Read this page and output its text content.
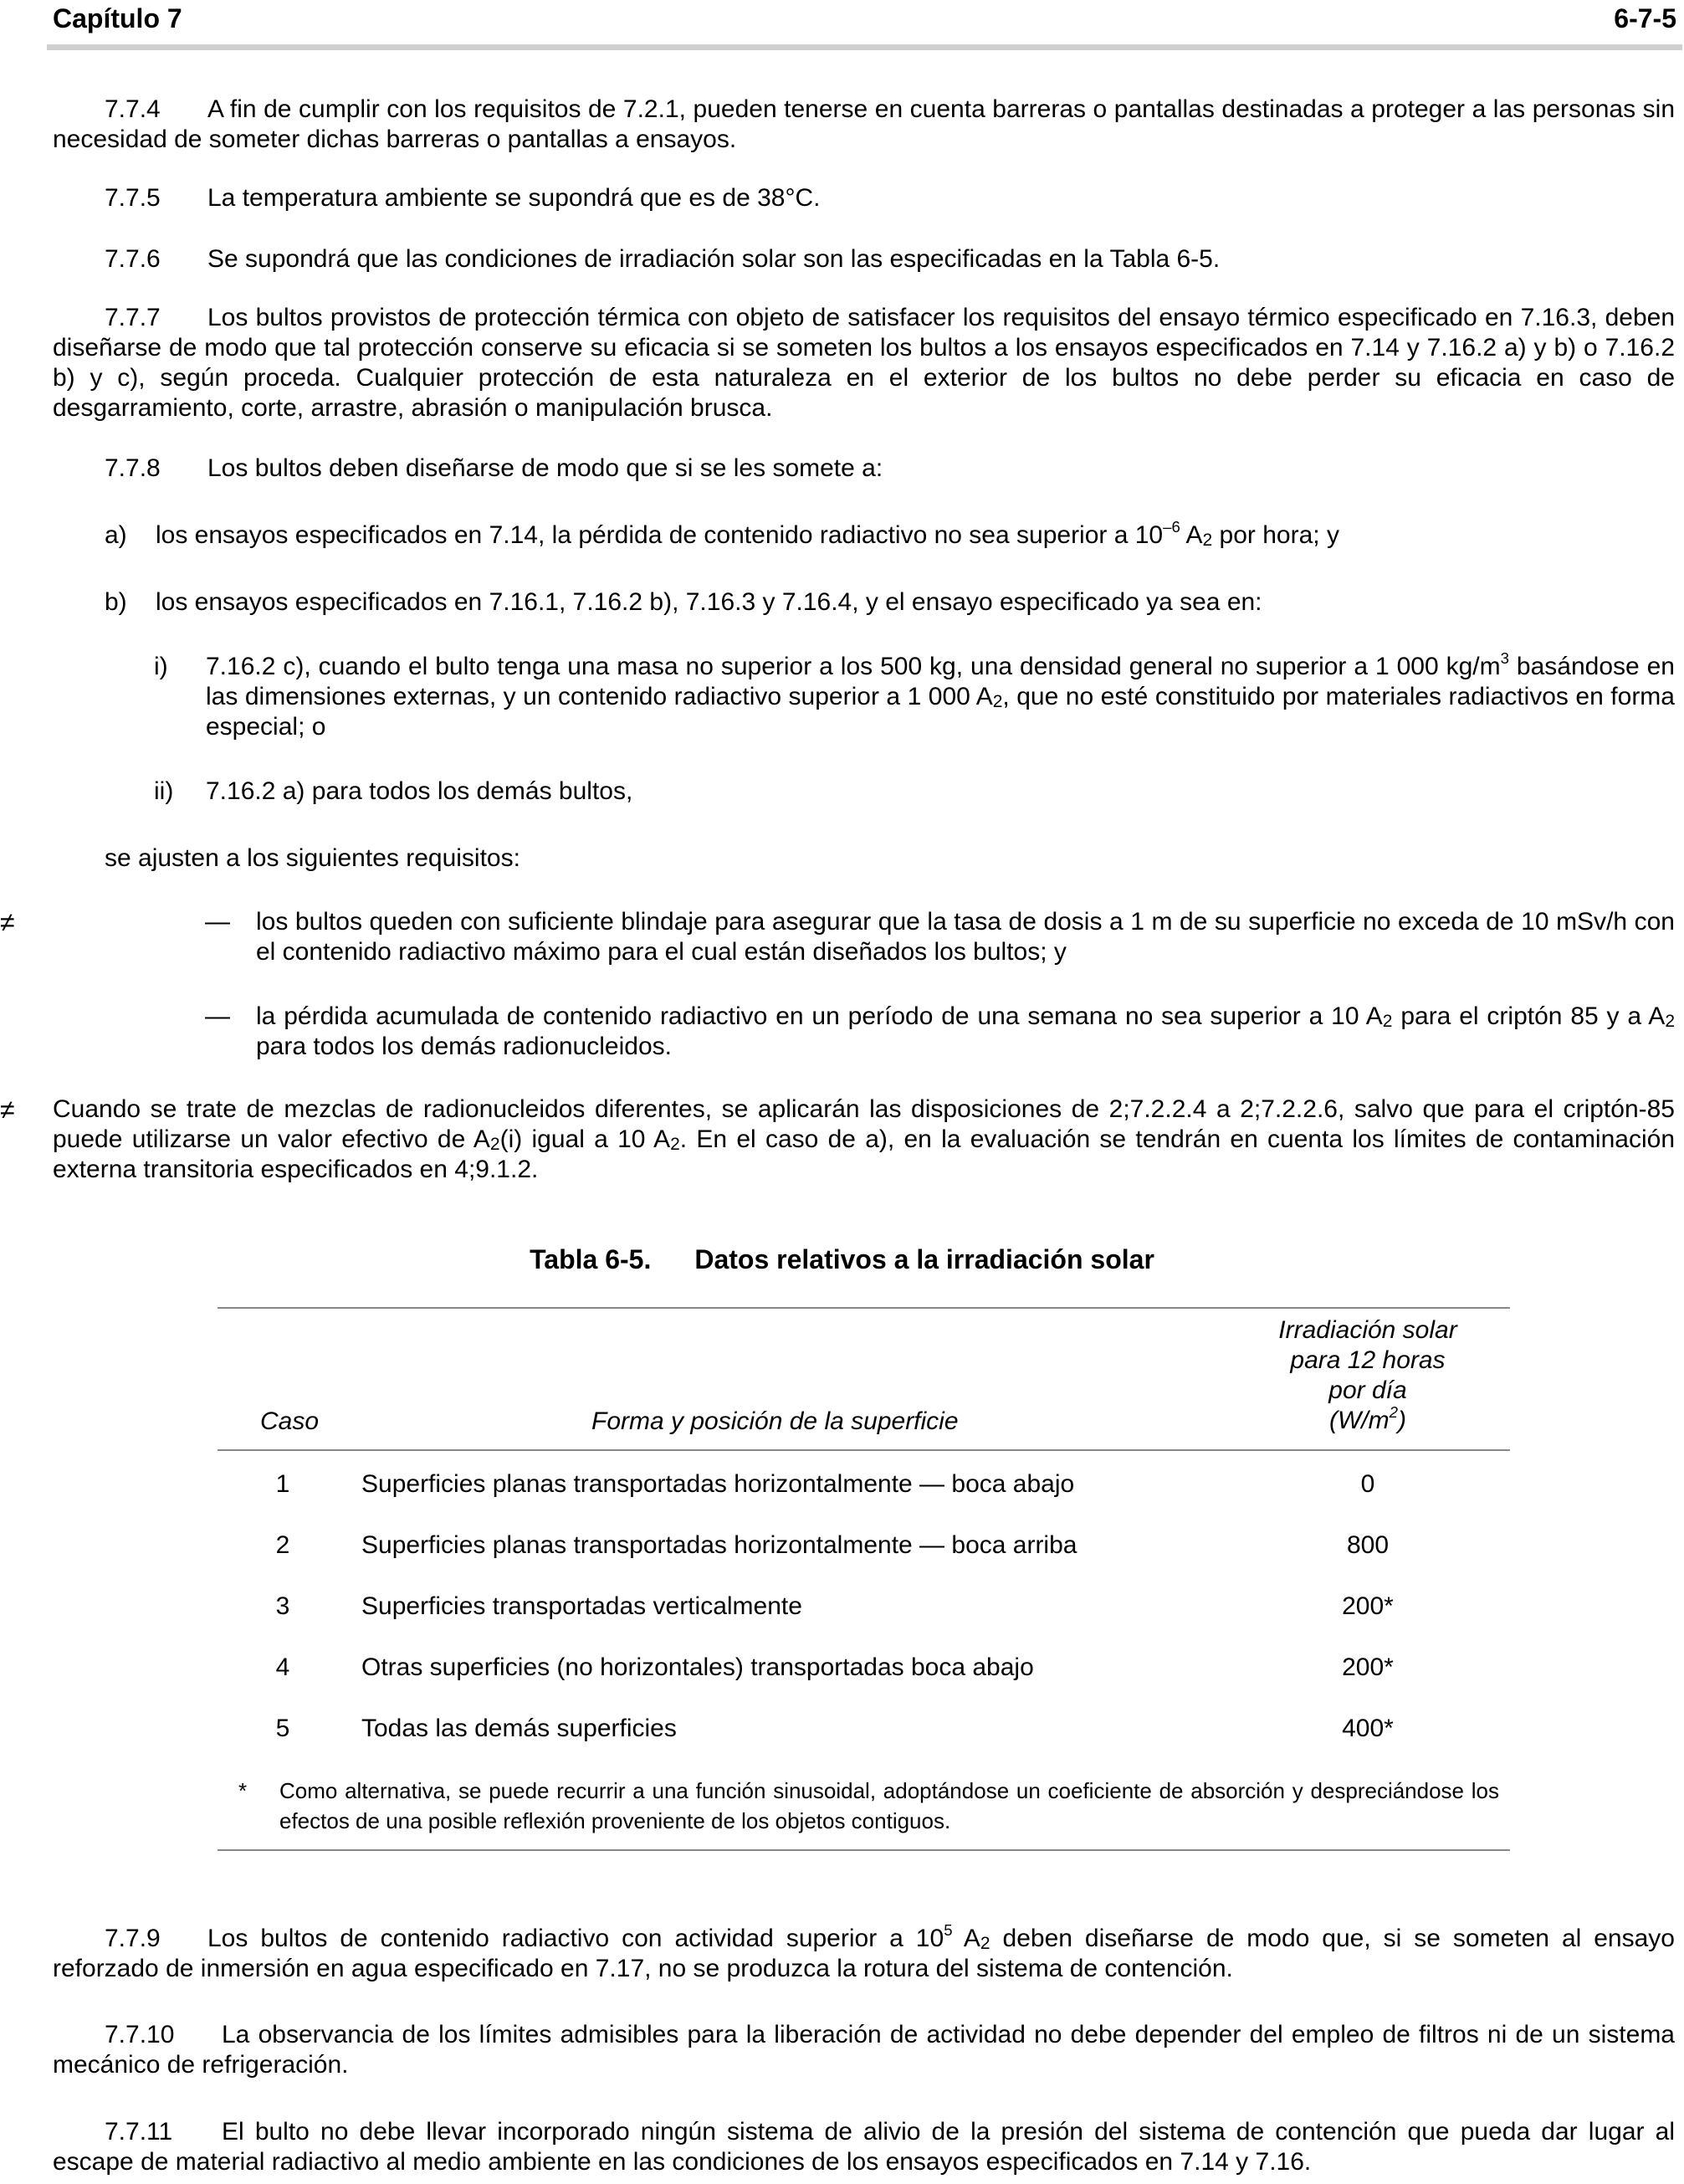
Capítulo 7	6-7-5
7.7.4 A fin de cumplir con los requisitos de 7.2.1, pueden tenerse en cuenta barreras o pantallas destinadas a proteger a las personas sin necesidad de someter dichas barreras o pantallas a ensayos.
7.7.5 La temperatura ambiente se supondrá que es de 38°C.
7.7.6 Se supondrá que las condiciones de irradiación solar son las especificadas en la Tabla 6-5.
7.7.7 Los bultos provistos de protección térmica con objeto de satisfacer los requisitos del ensayo térmico especificado en 7.16.3, deben diseñarse de modo que tal protección conserve su eficacia si se someten los bultos a los ensayos especificados en 7.14 y 7.16.2 a) y b) o 7.16.2 b) y c), según proceda. Cualquier protección de esta naturaleza en el exterior de los bultos no debe perder su eficacia en caso de desgarramiento, corte, arrastre, abrasión o manipulación brusca.
7.7.8 Los bultos deben diseñarse de modo que si se les somete a:
a) los ensayos especificados en 7.14, la pérdida de contenido radiactivo no sea superior a $10^{-6}$ $A_2$ por hora; y
b) los ensayos especificados en 7.16.1, 7.16.2 b), 7.16.3 y 7.16.4, y el ensayo especificado ya sea en:
i) 7.16.2 c), cuando el bulto tenga una masa no superior a los 500 kg, una densidad general no superior a 1 000 $kg/m^3$ basándose en las dimensiones externas, y un contenido radiactivo superior a 1 000 $A_2$, que no esté constituido por materiales radiactivos en forma especial; o
ii) 7.16.2 a) para todos los demás bultos,
se ajusten a los siguientes requisitos:
≠	—	los bultos queden con suficiente blindaje para asegurar que la tasa de dosis a 1 m de su superficie no exceda de 10 mSv/h con el contenido radiactivo máximo para el cual están diseñados los bultos; y
—	la pérdida acumulada de contenido radiactivo en un período de una semana no sea superior a 10 $A_2$ para el criptón 85 y a $A_2$ para todos los demás radionucleidos.
≠ Cuando se trate de mezclas de radionucleidos diferentes, se aplicarán las disposiciones de 2;7.2.2.4 a 2;7.2.2.6, salvo que para el criptón-85 puede utilizarse un valor efectivo de $A_2(i)$ igual a 10 $A_2$. En el caso de a), en la evaluación se tendrán en cuenta los límites de contaminación externa transitoria especificados en 4;9.1.2.
Tabla 6-5. Datos relativos a la irradiación solar
Caso	Forma y posición de la superficie
Irradiación solar
para 12 horas
por día
$(W/m^2)$
1	Superficies planas transportadas horizontalmente — boca abajo	0
2	Superficies planas transportadas horizontalmente — boca arriba	800
3	Superficies transportadas verticalmente	200*
4	Otras superficies (no horizontales) transportadas boca abajo	200*
5	Todas las demás superficies	400*
* Como alternativa, se puede recurrir a una función sinusoidal, adoptándose un coeficiente de absorción y despreciándose los efectos de una posible reflexión proveniente de los objetos contiguos.
7.7.9 Los bultos de contenido radiactivo con actividad superior a $10^5$ $A_2$ deben diseñarse de modo que, si se someten al ensayo reforzado de inmersión en agua especificado en 7.17, no se produzca la rotura del sistema de contención.
7.7.10 La observancia de los límites admisibles para la liberación de actividad no debe depender del empleo de filtros ni de un sistema mecánico de refrigeración.
7.7.11 El bulto no debe llevar incorporado ningún sistema de alivio de la presión del sistema de contención que pueda dar lugar al escape de material radiactivo al medio ambiente en las condiciones de los ensayos especificados en 7.14 y 7.16.
